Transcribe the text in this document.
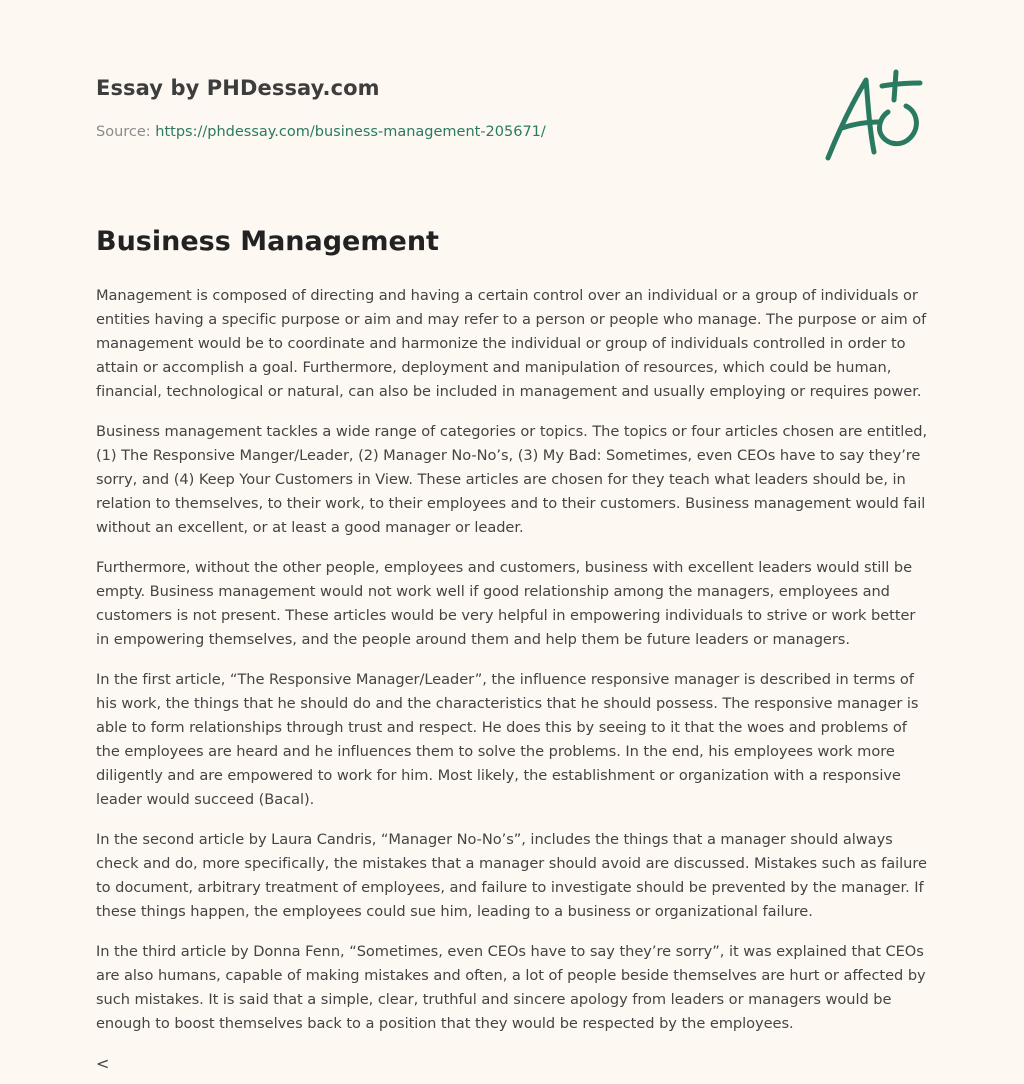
Essay by PHDessay.com
Source: https://phdessay.com/business-management-205671/
Business Management

Management is composed of directing and having a certain control over an individual or a group of individuals or entities having a specific purpose or aim and may refer to a person or people who manage. The purpose or aim of management would be to coordinate and harmonize the individual or group of individuals controlled in order to attain or accomplish a goal. Furthermore, deployment and manipulation of resources, which could be human, financial, technological or natural, can also be included in management and usually employing or requires power.

Business management tackles a wide range of categories or topics. The topics or four articles chosen are entitled, (1) The Responsive Manger/Leader, (2) Manager No-No’s, (3) My Bad: Sometimes, even CEOs have to say they’re sorry, and (4) Keep Your Customers in View. These articles are chosen for they teach what leaders should be, in relation to themselves, to their work, to their employees and to their customers. Business management would fail without an excellent, or at least a good manager or leader.

Furthermore, without the other people, employees and customers, business with excellent leaders would still be empty. Business management would not work well if good relationship among the managers, employees and customers is not present. These articles would be very helpful in empowering individuals to strive or work better in empowering themselves, and the people around them and help them be future leaders or managers.

In the first article, “The Responsive Manager/Leader”, the influence responsive manager is described in terms of his work, the things that he should do and the characteristics that he should possess. The responsive manager is able to form relationships through trust and respect. He does this by seeing to it that the woes and problems of the employees are heard and he influences them to solve the problems. In the end, his employees work more diligently and are empowered to work for him. Most likely, the establishment or organization with a responsive leader would succeed (Bacal).

In the second article by Laura Candris, “Manager No-No’s”, includes the things that a manager should always check and do, more specifically, the mistakes that a manager should avoid are discussed. Mistakes such as failure to document, arbitrary treatment of employees, and failure to investigate should be prevented by the manager. If these things happen, the employees could sue him, leading to a business or organizational failure.

In the third article by Donna Fenn, “Sometimes, even CEOs have to say they’re sorry”, it was explained that CEOs are also humans, capable of making mistakes and often, a lot of people beside themselves are hurt or affected by such mistakes. It is said that a simple, clear, truthful and sincere apology from leaders or managers would be enough to boost themselves back to a position that they would be respected by the employees.

<
